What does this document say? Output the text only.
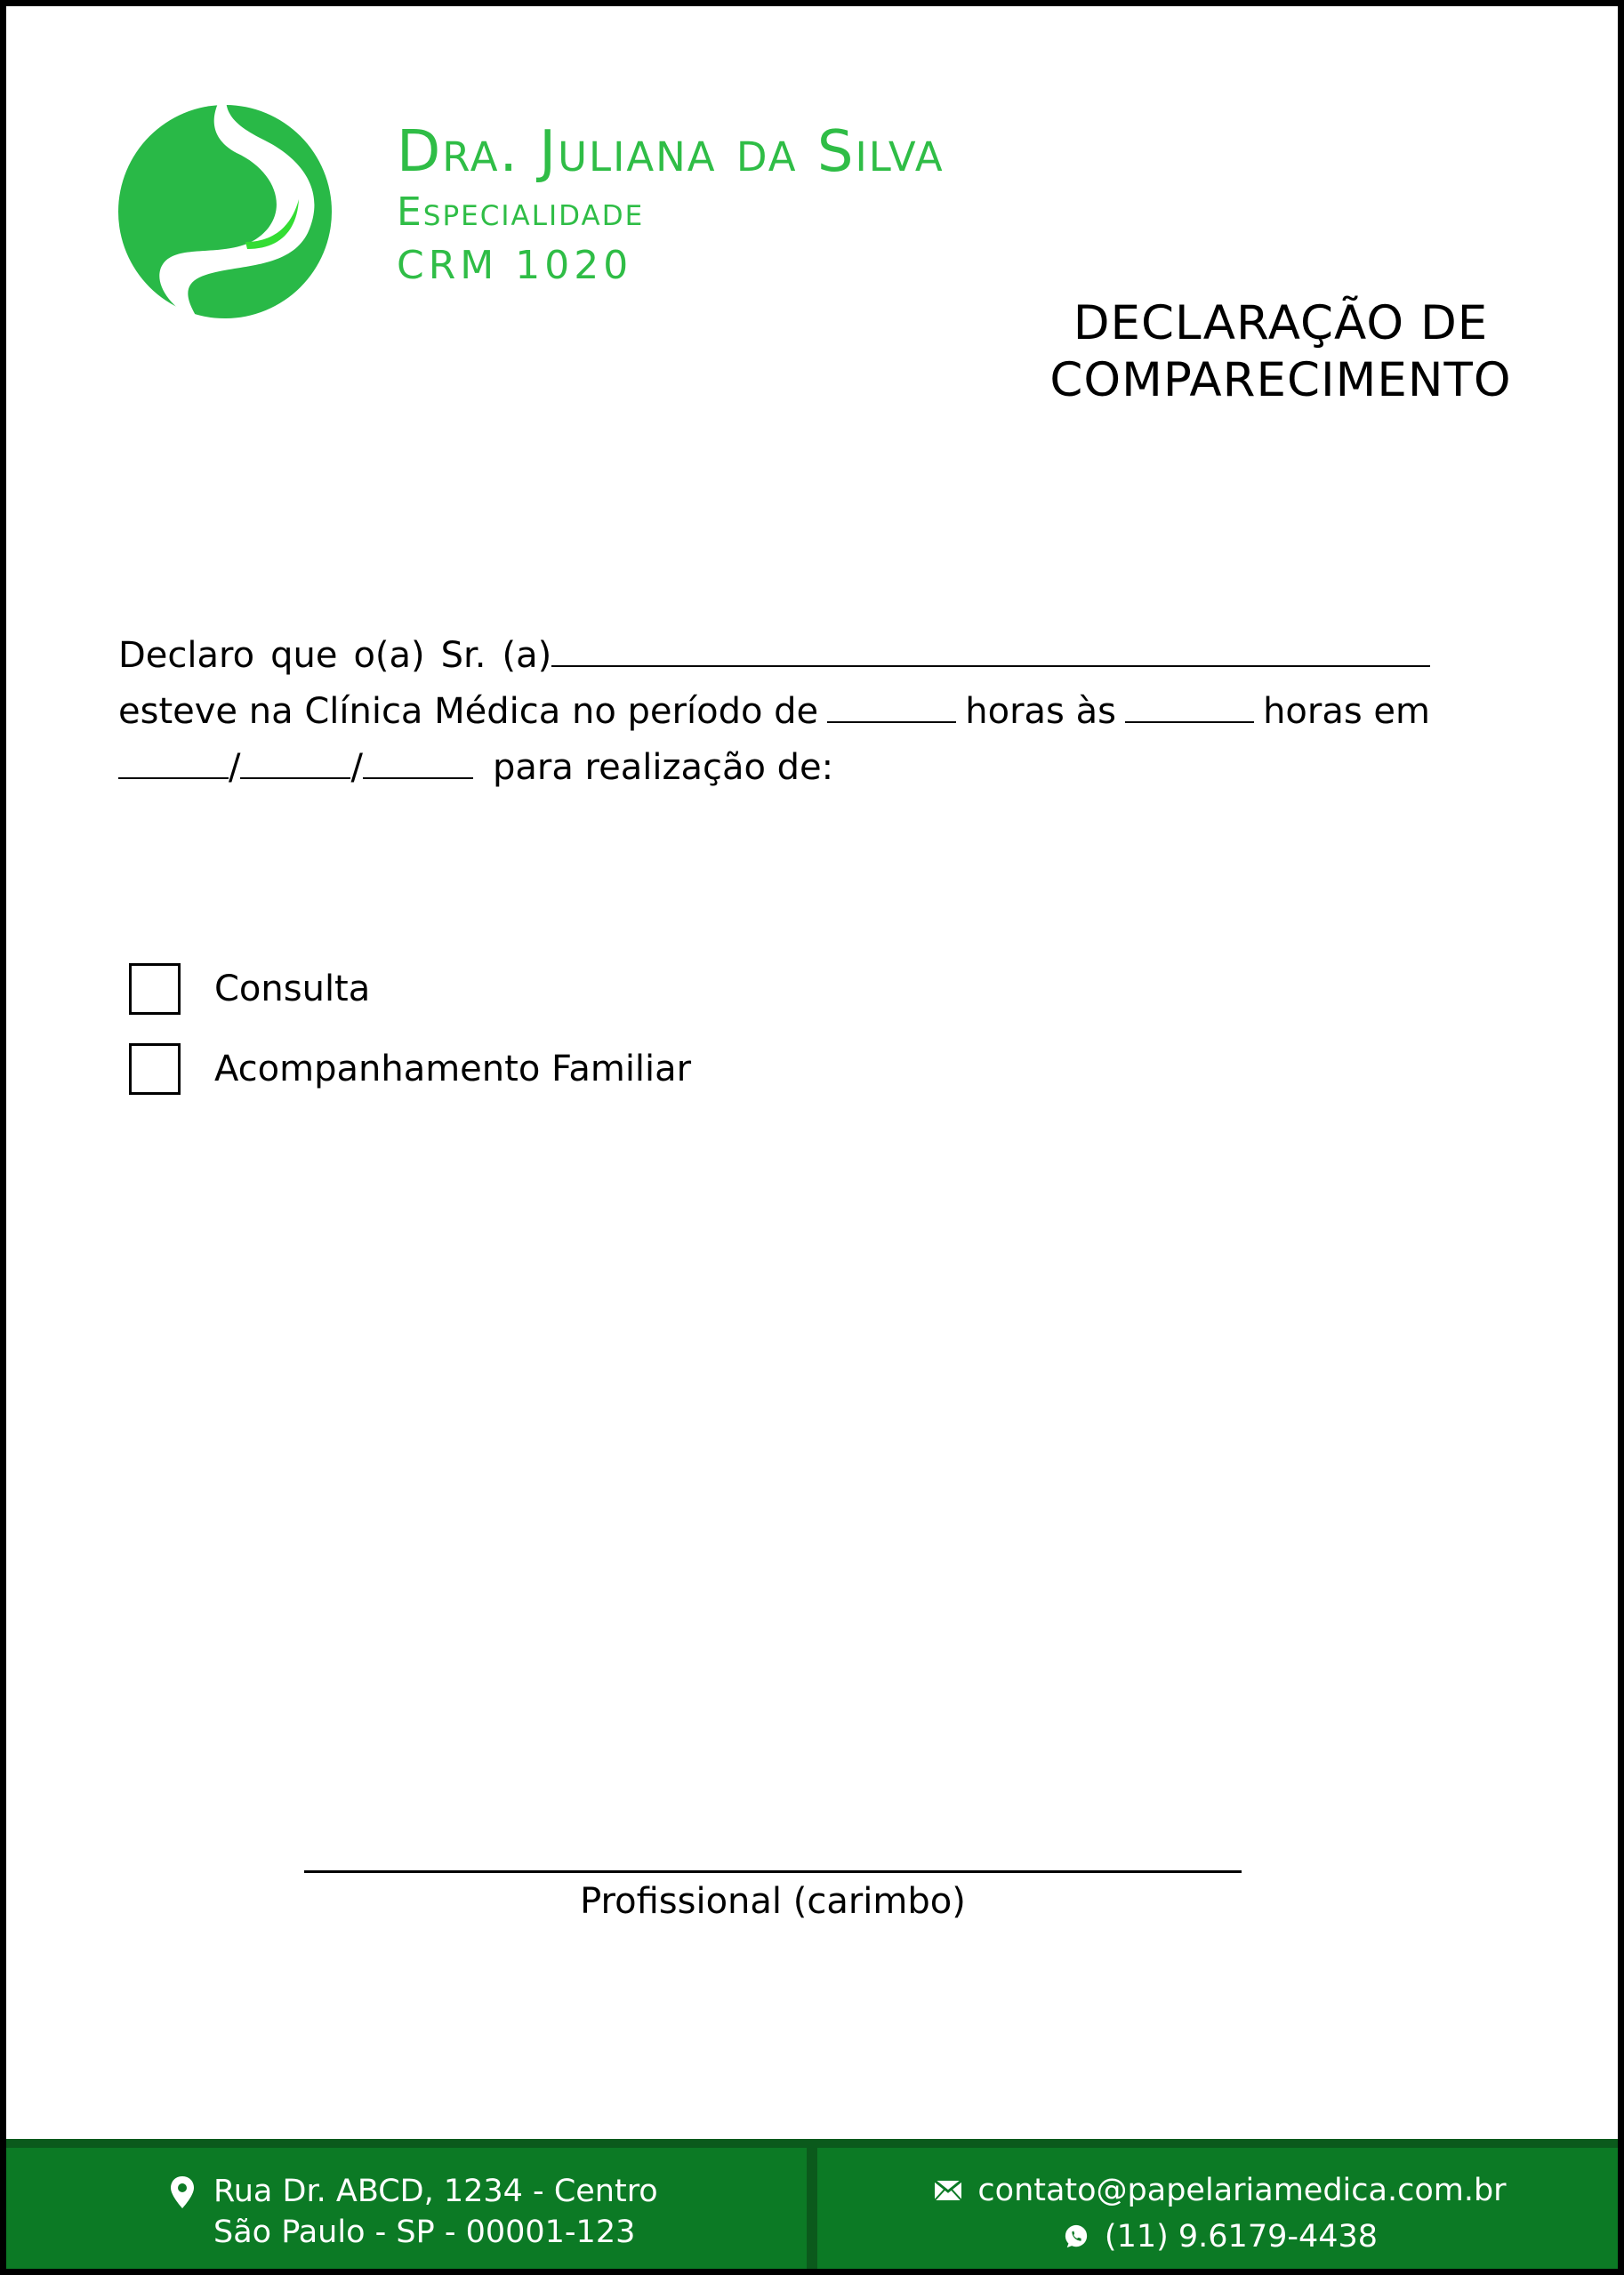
Dra. Juliana da Silva
Especialidade
CRM 1020
DECLARAÇÃO DE
COMPARECIMENTO
Declaro que o(a) Sr. (a)
esteve na Clínica Médica no período de	horas às	horas em
/	/	para realização de:
Consulta
Acompanhamento Familiar
Profissional (carimbo)
Rua Dr. ABCD, 1234 - Centro
São Paulo - SP - 00001-123
contato@papelariamedica.com.br
(11) 9.6179-4438
